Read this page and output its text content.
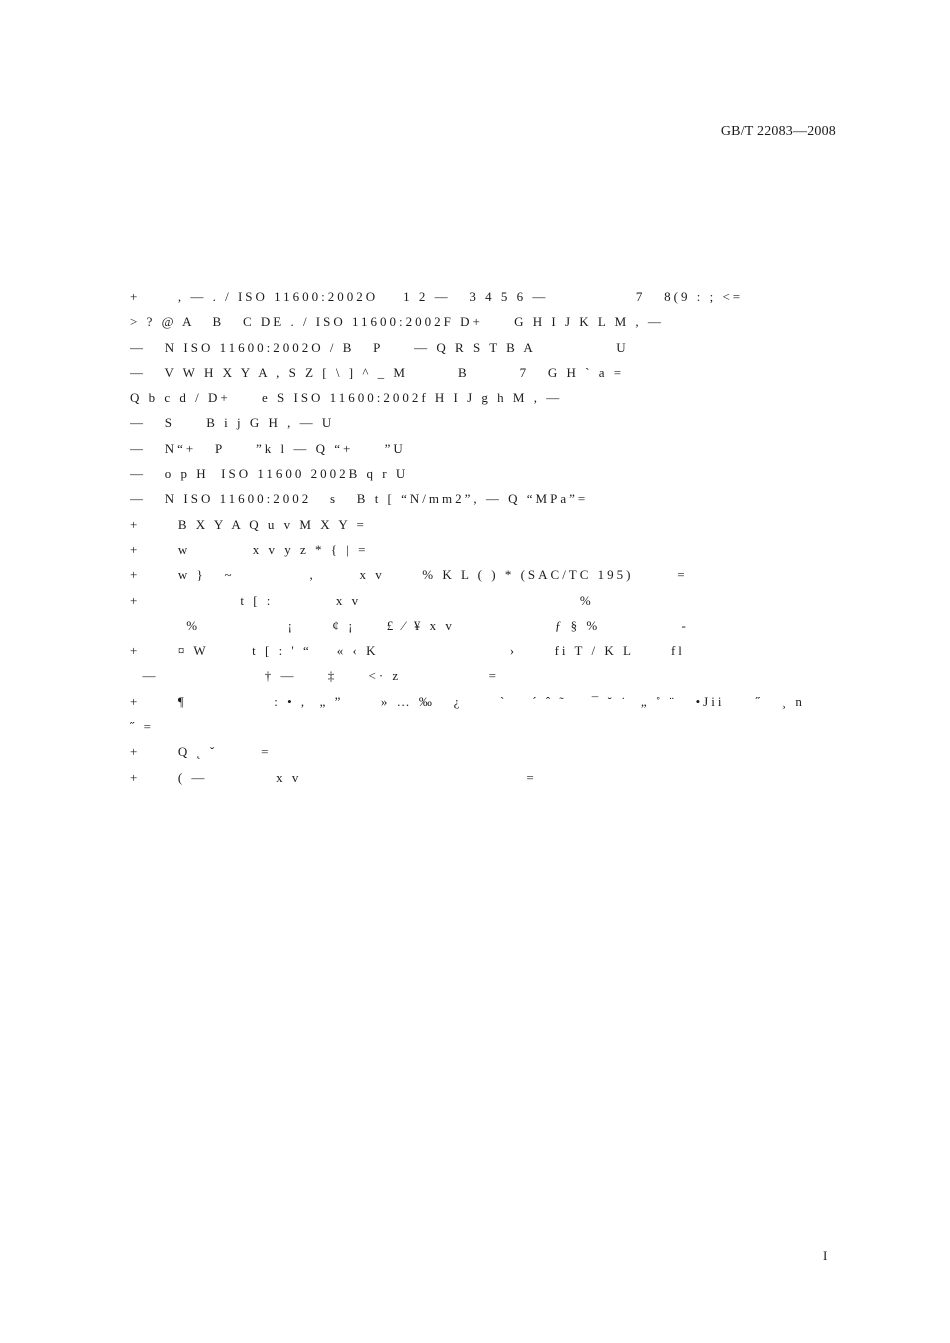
GB/T 22083—2008
+      , — . / ISO 11600:2002O    1 2 —   3 4 5 6 —              7   8(9 : ; <=
> ? @ A   B   C DE . / ISO 11600:2002F D+     G H I J K L M , —
—   N ISO 11600:2002O / B   P     — Q R S T B A             U
—   V W H X Y A , S Z [ \ ] ^ _ M        B        7   G H ` a =
Q b c d / D+     e S ISO 11600:2002f H I J g h M , —
—   S     B i j G H , — U
—   N“+   P     ”k l — Q “+     ”U
—   o p H  ISO 11600 2002B q r U
—   N ISO 11600:2002   s   B t [ “N/mm2”, — Q “MPa”=
+      B X Y A Q u v M X Y =
+      w          x v y z * { | =
+      w }   ~            ,       x v      % K L ( ) * (SAC/TC 195)       =
+                t [ :          x v                                   %
%              ¡      ¢ ¡     £ ⁄ ¥ x v                ƒ § %             -
+      ¤ W       t [ : ' “    « ‹ K                     ›      fi T / K L      fl
—                 † —     ‡     <· z              =
+      ¶              : • ,  „ ”      » … ‰   ¿      `    ´ ˆ ˜    ¯ ˘ ˙  „ ˚ ¨   •Jii     ˝   ¸ n
˝ =
+      Q ˛ ˇ       =
+      ( —           x v                                    =
I
